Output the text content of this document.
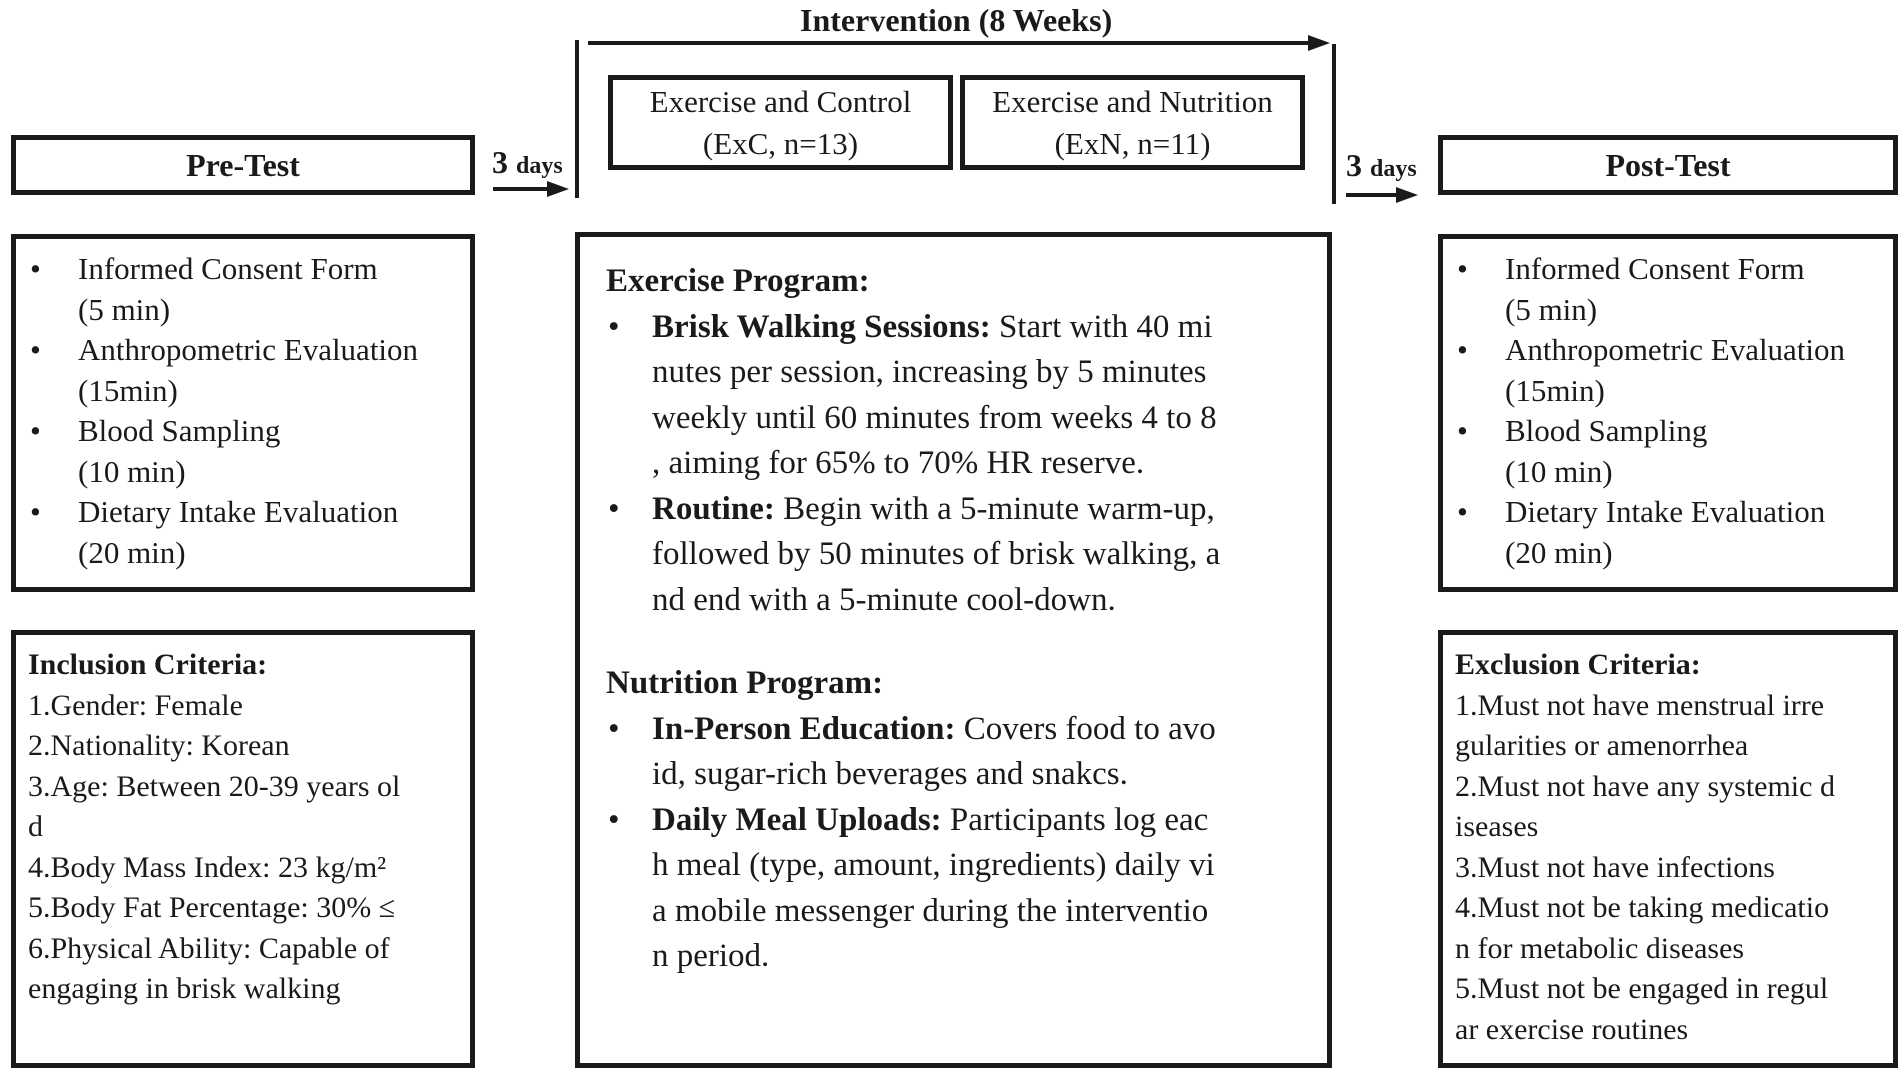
Intervention (8 Weeks)
Pre-Test	3 days	3 days
Exercise and Control
(ExC, n=13)
Exercise and Nutrition
(ExN, n=11)
Post-Test
• Informed Consent Form
(5 min)
• Anthropometric Evaluation
(15min)
• Blood Sampling
(10 min)
• Dietary Intake Evaluation
(20 min)
• Informed Consent Form
(5 min)
• Anthropometric Evaluation
(15min)
• Blood Sampling
(10 min)
• Dietary Intake Evaluation
(20 min)
Inclusion Criteria:
1.Gender: Female
2.Nationality: Korean
3.Age: Between 20-39 years ol
d
4.Body Mass Index: 23 kg/m²
5.Body Fat Percentage: 30% ≤
6.Physical Ability: Capable of
engaging in brisk walking
Exclusion Criteria:
1.Must not have menstrual irre
gularities or amenorrhea
2.Must not have any systemic d
iseases
3.Must not have infections
4.Must not be taking medicatio
n for metabolic diseases
5.Must not be engaged in regul
ar exercise routines
Exercise Program:
• Brisk Walking Sessions: Start with 40 mi
nutes per session, increasing by 5 minutes
weekly until 60 minutes from weeks 4 to 8
, aiming for 65% to 70% HR reserve.
• Routine: Begin with a 5-minute warm-up,
followed by 50 minutes of brisk walking, a
nd end with a 5-minute cool-down.
Nutrition Program:
• In-Person Education: Covers food to avo
id, sugar-rich beverages and snakcs.
• Daily Meal Uploads: Participants log eac
h meal (type, amount, ingredients) daily vi
a mobile messenger during the interventio
n period.
